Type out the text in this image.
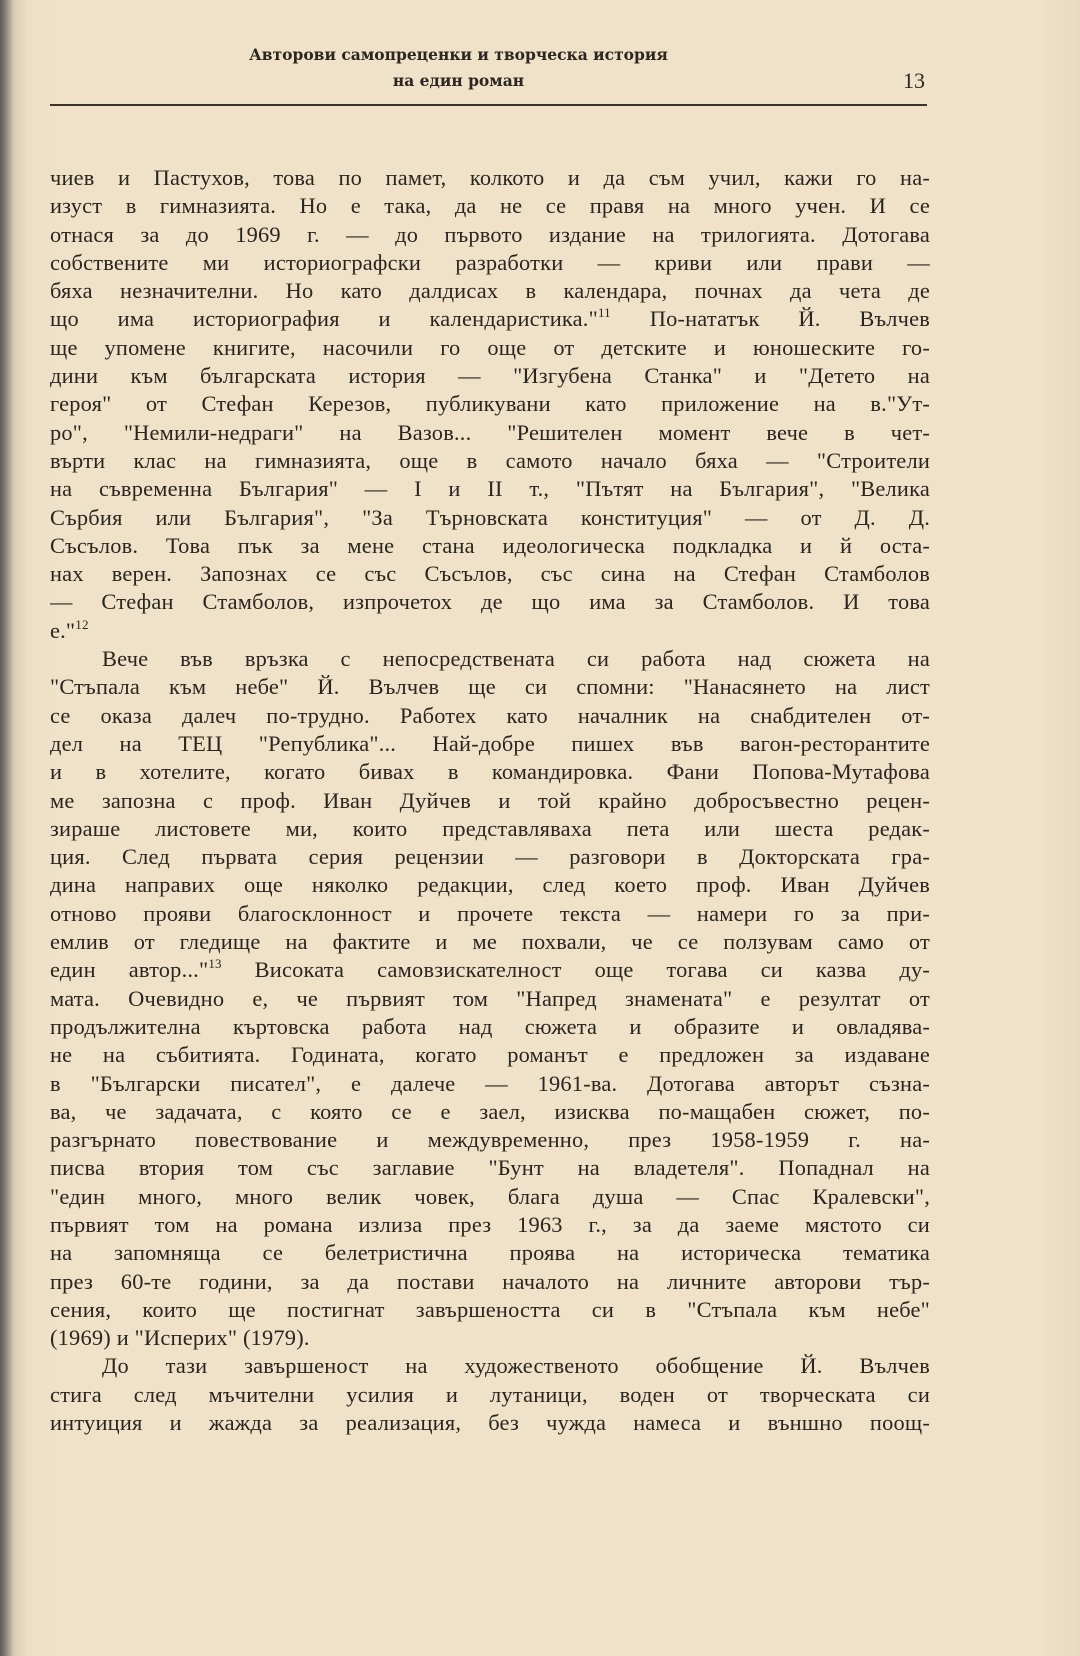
Авторови самопреценки и творческа история
на един роман	13
чиев и Пастухов, това по памет, колкото и да съм учил, кажи го на-
изуст в гимназията. Но е така, да не се правя на много учен. И се
отнася за до 1969 г. — до първото издание на трилогията. Дотогава
собствените ми историографски разработки — криви или прави —
бяха незначителни. Но като далдисах в календара, почнах да чета де
що има историография и календаристика."$^{11}$ По-нататък Й. Вълчев
ще упомене книгите, насочили го още от детските и юношеските го-
дини към българската история — "Изгубена Станка" и "Детето на
героя" от Стефан Керезов, публикувани като приложение на в."Ут-
ро", "Немили-недраги" на Вазов... "Решителен момент вече в чет-
върти клас на гимназията, още в самото начало бяха — "Строители
на съвременна България" — I и II т., "Пътят на България", "Велика
Сърбия или България", "За Търновската конституция" — от Д. Д.
Съсълов. Това пък за мене стана идеологическа подкладка и й оста-
нах верен. Запознах се със Съсълов, със сина на Стефан Стамболов
— Стефан Стамболов, изпрочетох де що има за Стамболов. И това
е."$^{12}$
Вече във връзка с непосредствената си работа над сюжета на
"Стъпала към небе" Й. Вълчев ще си спомни: "Нанасянето на лист
се оказа далеч по-трудно. Работех като началник на снабдителен от-
дел на ТЕЦ "Република"... Най-добре пишех във вагон-ресторантите
и в хотелите, когато бивах в командировка. Фани Попова-Мутафова
ме запозна с проф. Иван Дуйчев и той крайно добросъвестно рецен-
зираше листовете ми, които представляваха пета или шеста редак-
ция. След първата серия рецензии — разговори в Докторската гра-
дина направих още няколко редакции, след което проф. Иван Дуйчев
отново прояви благосклонност и прочете текста — намери го за при-
емлив от гледище на фактите и ме похвали, че се ползувам само от
един автор..."$^{13}$ Високата самовзискателност още тогава си казва ду-
мата. Очевидно е, че първият том "Напред знамената" е резултат от
продължителна къртовска работа над сюжета и образите и овладява-
не на събитията. Годината, когато романът е предложен за издаване
в "Български писател", е далече — 1961-ва. Дотогава авторът съзна-
ва, че задачата, с която се е заел, изисква по-мащабен сюжет, по-
разгърнато повествование и междувременно, през 1958-1959 г. на-
писва втория том със заглавие "Бунт на владетеля". Попаднал на
"един много, много велик човек, блага душа — Спас Кралевски",
първият том на романа излиза през 1963 г., за да заеме мястото си
на запомняща се белетристична проява на историческа тематика
през 60-те години, за да постави началото на личните авторови тър-
сения, които ще постигнат завършеността си в "Стъпала към небе"
(1969) и "Исперих" (1979).
До тази завършеност на художественото обобщение Й. Вълчев
стига след мъчителни усилия и лутаници, воден от творческата си
интуиция и жажда за реализация, без чужда намеса и външно поощ-
